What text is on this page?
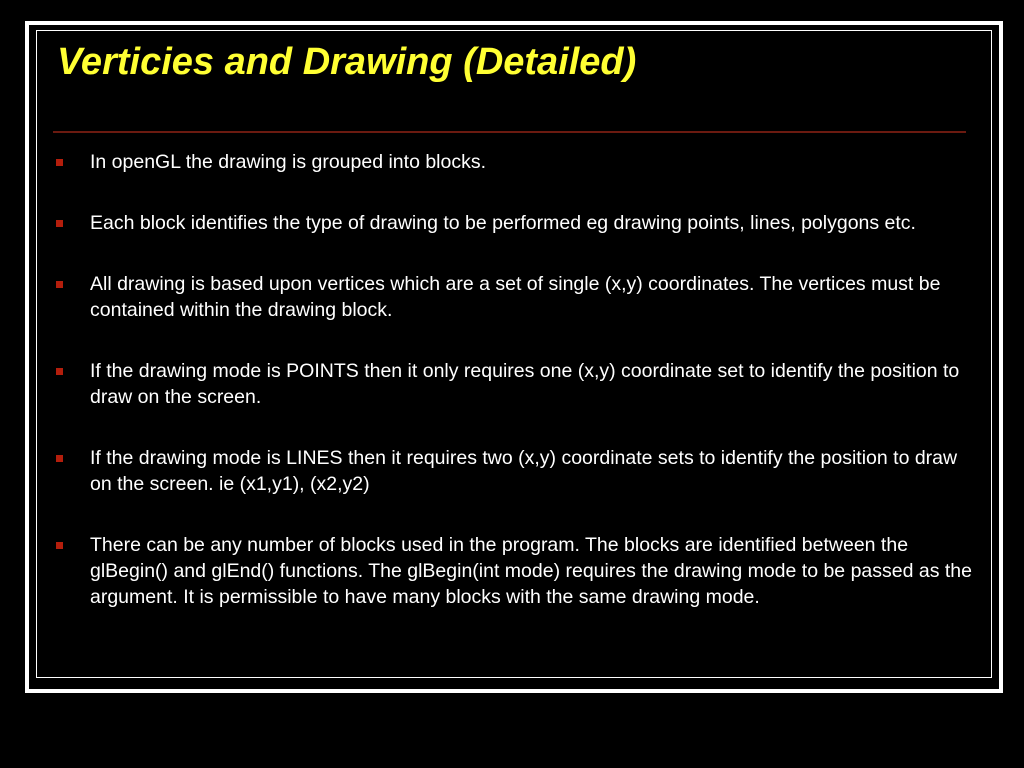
Verticies and Drawing (Detailed)
In openGL the drawing is grouped into blocks.
Each block identifies the type of drawing to be performed eg drawing points, lines, polygons etc.
All drawing is based upon vertices which are a set of single (x,y) coordinates. The vertices must be contained within the drawing block.
If the drawing mode is POINTS then it only requires one (x,y) coordinate set to identify the position to draw on the screen.
If the drawing mode is LINES then it requires two (x,y) coordinate sets to identify the position to draw on the screen. ie (x1,y1), (x2,y2)
There can be any number of blocks used in the program. The blocks are identified between the glBegin() and glEnd() functions. The glBegin(int mode) requires the drawing mode to be passed as the argument. It is permissible to have many blocks with the same drawing mode.
